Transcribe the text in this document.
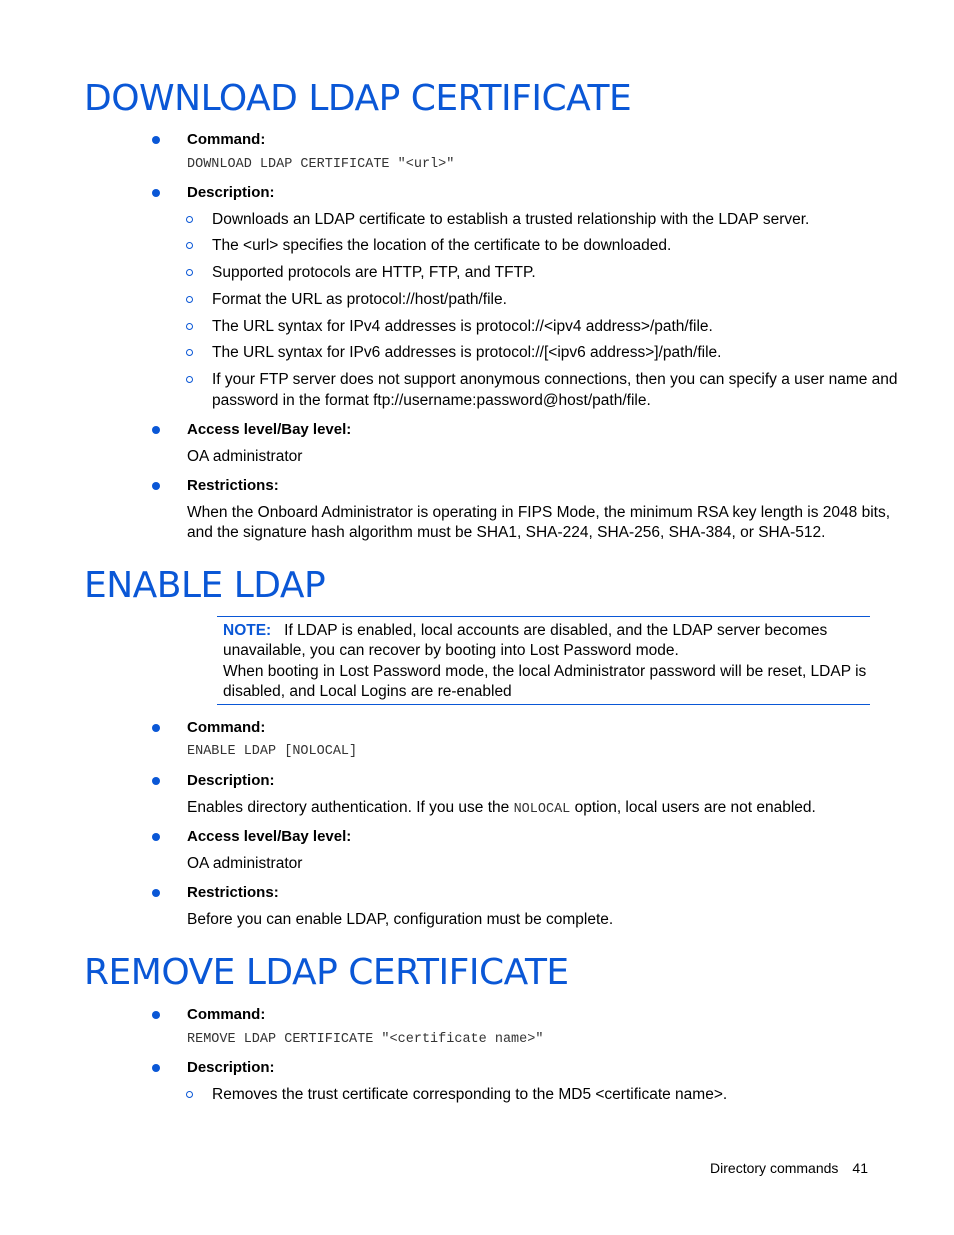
DOWNLOAD LDAP CERTIFICATE
Command:
DOWNLOAD LDAP CERTIFICATE "<url>"
Description:
Downloads an LDAP certificate to establish a trusted relationship with the LDAP server.
The <url> specifies the location of the certificate to be downloaded.
Supported protocols are HTTP, FTP, and TFTP.
Format the URL as protocol://host/path/file.
The URL syntax for IPv4 addresses is protocol://<ipv4 address>/path/file.
The URL syntax for IPv6 addresses is protocol://[<ipv6 address>]/path/file.
If your FTP server does not support anonymous connections, then you can specify a user name and
password in the format ftp://username:password@host/path/file.
Access level/Bay level:
OA administrator
Restrictions:
When the Onboard Administrator is operating in FIPS Mode, the minimum RSA key length is 2048 bits,
and the signature hash algorithm must be SHA1, SHA-224, SHA-256, SHA-384, or SHA-512.
ENABLE LDAP
NOTE: If LDAP is enabled, local accounts are disabled, and the LDAP server becomes
unavailable, you can recover by booting into Lost Password mode.
When booting in Lost Password mode, the local Administrator password will be reset, LDAP is
disabled, and Local Logins are re-enabled
Command:
ENABLE LDAP [NOLOCAL]
Description:
Enables directory authentication. If you use the NOLOCAL option, local users are not enabled.
Access level/Bay level:
OA administrator
Restrictions:
Before you can enable LDAP, configuration must be complete.
REMOVE LDAP CERTIFICATE
Command:
REMOVE LDAP CERTIFICATE "<certificate name>"
Description:
Removes the trust certificate corresponding to the MD5 <certificate name>.
Directory commands 41
